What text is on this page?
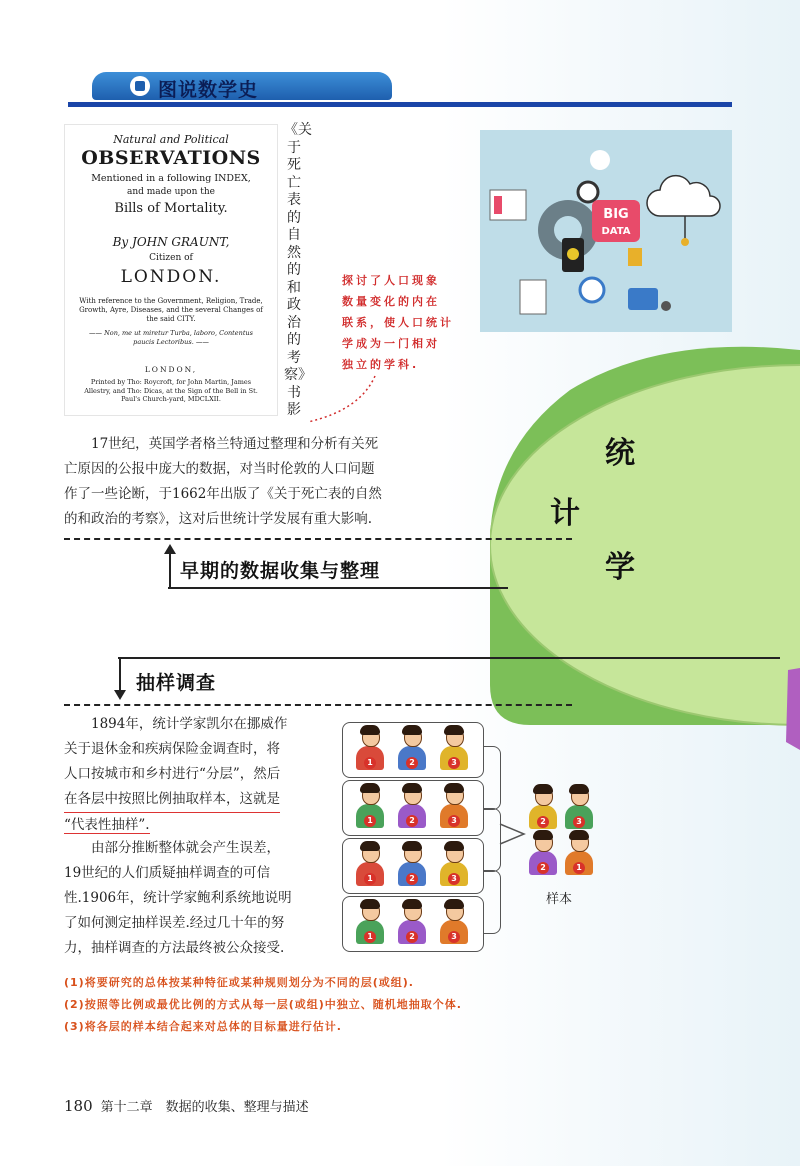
图说数学史
Natural and Political
OBSERVATIONS
Mentioned in a following INDEX,
and made upon the
Bills of Mortality.
By JOHN GRAUNT,
Citizen of
LONDON.
With reference to the Government, Religion, Trade, Growth, Ayre, Diseases, and the several Changes of the said CITY.
—— Non, me ut miretur Turba, laboro, Contentus paucis Lectoribus. ——
LONDON,
Printed by Tho: Roycroft, for John Martin, James Allestry, and Tho: Dicas, at the Sign of the Bell in St. Paul's Church-yard, MDCLXII.
《关于死亡表的自然的和政治的考察》书影
探讨了人口现象
数量变化的内在
联系，使人口统计
学成为一门相对
独立的学科.
BIG
DATA
统
计
学
17世纪，英国学者格兰特通过整理和分析有关死
亡原因的公报中庞大的数据，对当时伦敦的人口问题
作了一些论断，于1662年出版了《关于死亡表的自然
的和政治的考察》，这对后世统计学发展有重大影响.
早期的数据收集与整理
抽样调查
1894年，统计学家凯尔在挪威作
关于退休金和疾病保险金调查时，将
人口按城市和乡村进行“分层”，然后
在各层中按照比例抽取样本，这就是
“代表性抽样”.
由部分推断整体就会产生误差，
19世纪的人们质疑抽样调查的可信
性.1906年，统计学家鲍利系统地说明
了如何测定抽样误差.经过几十年的努
力，抽样调查的方法最终被公众接受.
1	2	3
1	2	3
1	2	3
1	2	3
2	3
2	1
样本
(1)将要研究的总体按某种特征或某种规则划分为不同的层(或组).
(2)按照等比例或最优比例的方式从每一层(或组)中独立、随机地抽取个体.
(3)将各层的样本结合起来对总体的目标量进行估计.
180 第十二章　数据的收集、整理与描述
